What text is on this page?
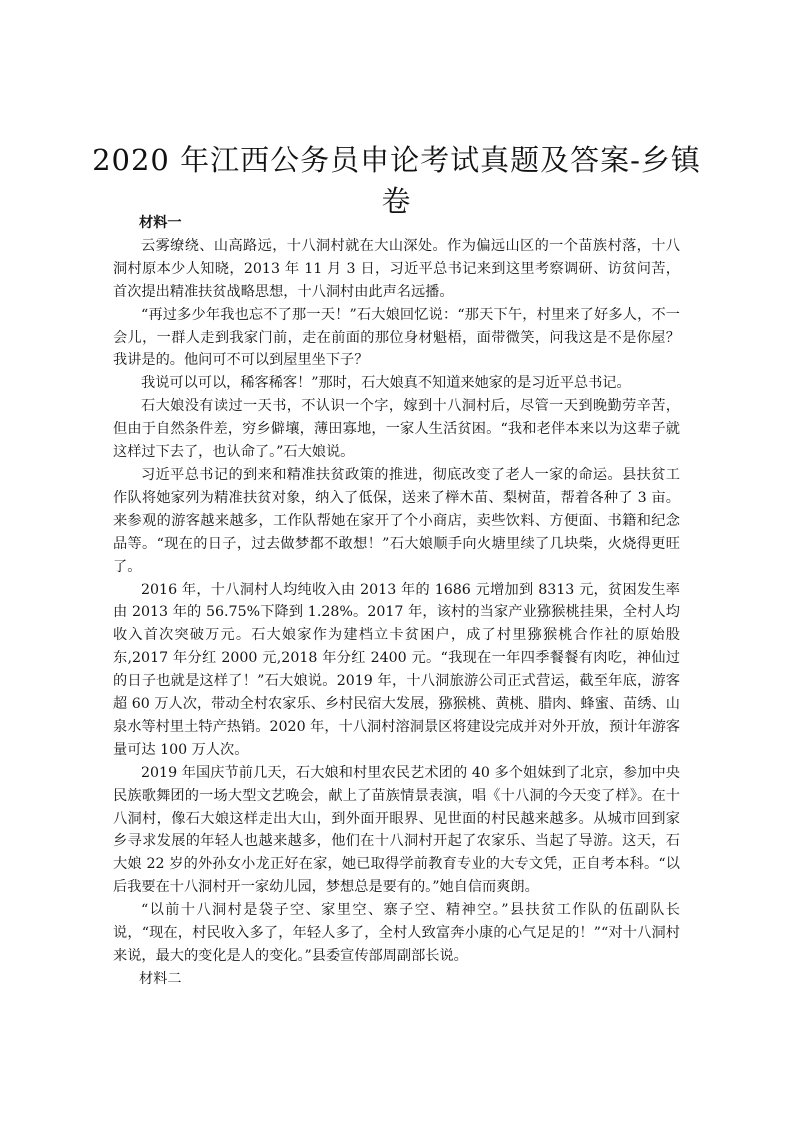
2020 年江西公务员申论考试真题及答案-乡镇卷

材料一

云雾缭绕、山高路远，十八洞村就在大山深处。作为偏远山区的一个苗族村落，十八洞村原本少人知晓，2013 年 11 月 3 日，习近平总书记来到这里考察调研、访贫问苦，首次提出精准扶贫战略思想，十八洞村由此声名远播。

“再过多少年我也忘不了那一天！”石大娘回忆说：“那天下午，村里来了好多人，不一会儿，一群人走到我家门前，走在前面的那位身材魁梧，面带微笑，问我这是不是你屋？我讲是的。他问可不可以到屋里坐下子？

我说可以可以，稀客稀客！”那时，石大娘真不知道来她家的是习近平总书记。

石大娘没有读过一天书，不认识一个字，嫁到十八洞村后，尽管一天到晚勤劳辛苦，但由于自然条件差，穷乡僻壤，薄田寡地，一家人生活贫困。“我和老伴本来以为这辈子就这样过下去了，也认命了。”石大娘说。

习近平总书记的到来和精准扶贫政策的推进，彻底改变了老人一家的命运。县扶贫工作队将她家列为精准扶贫对象，纳入了低保，送来了榉木苗、梨树苗，帮着各种了 3 亩。来参观的游客越来越多，工作队帮她在家开了个小商店，卖些饮料、方便面、书籍和纪念品等。“现在的日子，过去做梦都不敢想！”石大娘顺手向火塘里续了几块柴，火烧得更旺了。

2016 年，十八洞村人均纯收入由 2013 年的 1686 元增加到 8313 元，贫困发生率由 2013 年的 56.75%下降到 1.28%。2017 年，该村的当家产业猕猴桃挂果，全村人均收入首次突破万元。石大娘家作为建档立卡贫困户，成了村里猕猴桃合作社的原始股东,2017 年分红 2000 元,2018 年分红 2400 元。“我现在一年四季餐餐有肉吃，神仙过的日子也就是这样了！”石大娘说。2019 年，十八洞旅游公司正式营运，截至年底，游客超 60 万人次，带动全村农家乐、乡村民宿大发展，猕猴桃、黄桃、腊肉、蜂蜜、苗绣、山泉水等村里土特产热销。2020 年，十八洞村溶洞景区将建设完成并对外开放，预计年游客量可达 100 万人次。

2019 年国庆节前几天，石大娘和村里农民艺术团的 40 多个姐妹到了北京，参加中央民族歌舞团的一场大型文艺晚会，献上了苗族情景表演，唱《十八洞的今天变了样》。在十八洞村，像石大娘这样走出大山，到外面开眼界、见世面的村民越来越多。从城市回到家乡寻求发展的年轻人也越来越多，他们在十八洞村开起了农家乐、当起了导游。这天，石大娘 22 岁的外孙女小龙正好在家，她已取得学前教育专业的大专文凭，正自考本科。“以后我要在十八洞村开一家幼儿园，梦想总是要有的。”她自信而爽朗。

“以前十八洞村是袋子空、家里空、寨子空、精神空。”县扶贫工作队的伍副队长说，“现在，村民收入多了，年轻人多了，全村人致富奔小康的心气足足的！”“对十八洞村来说，最大的变化是人的变化。”县委宣传部周副部长说。

材料二
